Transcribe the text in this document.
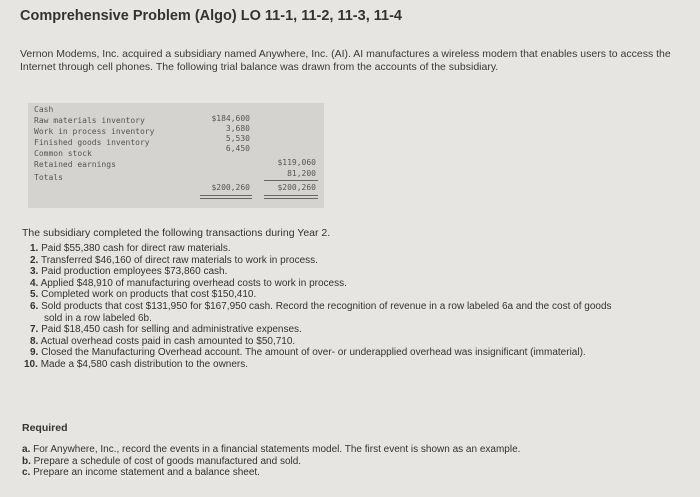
Comprehensive Problem (Algo) LO 11-1, 11-2, 11-3, 11-4
Vernon Modems, Inc. acquired a subsidiary named Anywhere, Inc. (AI). AI manufactures a wireless modem that enables users to access the Internet through cell phones. The following trial balance was drawn from the accounts of the subsidiary.
Cash
$184,600
Raw materials inventory
3,680
Work in process inventory
5,530
Finished goods inventory
6,450
Common stock
$119,060
Retained earnings
81,200
Totals
$200,260	$200,260
The subsidiary completed the following transactions during Year 2.
1. Paid $55,380 cash for direct raw materials.
2. Transferred $46,160 of direct raw materials to work in process.
3. Paid production employees $73,860 cash.
4. Applied $48,910 of manufacturing overhead costs to work in process.
5. Completed work on products that cost $150,410.
6. Sold products that cost $131,950 for $167,950 cash. Record the recognition of revenue in a row labeled 6a and the cost of goods
sold in a row labeled 6b.
7. Paid $18,450 cash for selling and administrative expenses.
8. Actual overhead costs paid in cash amounted to $50,710.
9. Closed the Manufacturing Overhead account. The amount of over- or underapplied overhead was insignificant (immaterial).
10. Made a $4,580 cash distribution to the owners.
Required
a. For Anywhere, Inc., record the events in a financial statements model. The first event is shown as an example.
b. Prepare a schedule of cost of goods manufactured and sold.
c. Prepare an income statement and a balance sheet.
